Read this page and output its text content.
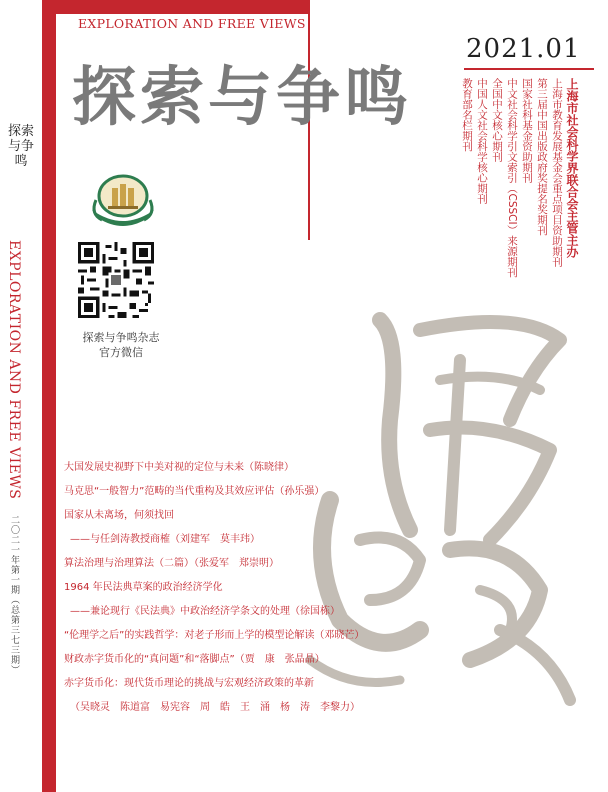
探索与争鸣
EXPLORATION AND FREE VIEWS
二〇二一年第一期（总第三七三期）
EXPLORATION AND FREE VIEWS
探索与争鸣
2021.01
上海市社会科学界联合会主管主办
上海市教育发展基金会重点项目资助期刊
第三届中国出版政府奖提名奖期刊
国家社科基金资助期刊
中文社会科学引文索引（CSSCI）来源期刊
全国中文核心期刊
中国人文社会科学核心期刊
教育部名栏期刊
探索与争鸣杂志
官方微信
大国发展史视野下中美对视的定位与未来（陈晓律）
马克思“一般智力”范畴的当代重构及其效应评估（孙乐强）
国家从未离场，何须找回
——与任剑涛教授商榷（刘建军　莫丰玮）
算法治理与治理算法（二篇）（张爱军　郑崇明）
1964 年民法典草案的政治经济学化
——兼论现行《民法典》中政治经济学条文的处理（徐国栋）
“伦理学之后”的实践哲学：对老子形而上学的模型论解读（邓晓芒）
财政赤字货币化的“真问题”和“落脚点”（贾　康　张晶晶）
赤字货币化：现代货币理论的挑战与宏观经济政策的革新
（吴晓灵　陈道富　易宪容　周　皓　王　涌　杨　涛　李黎力）
